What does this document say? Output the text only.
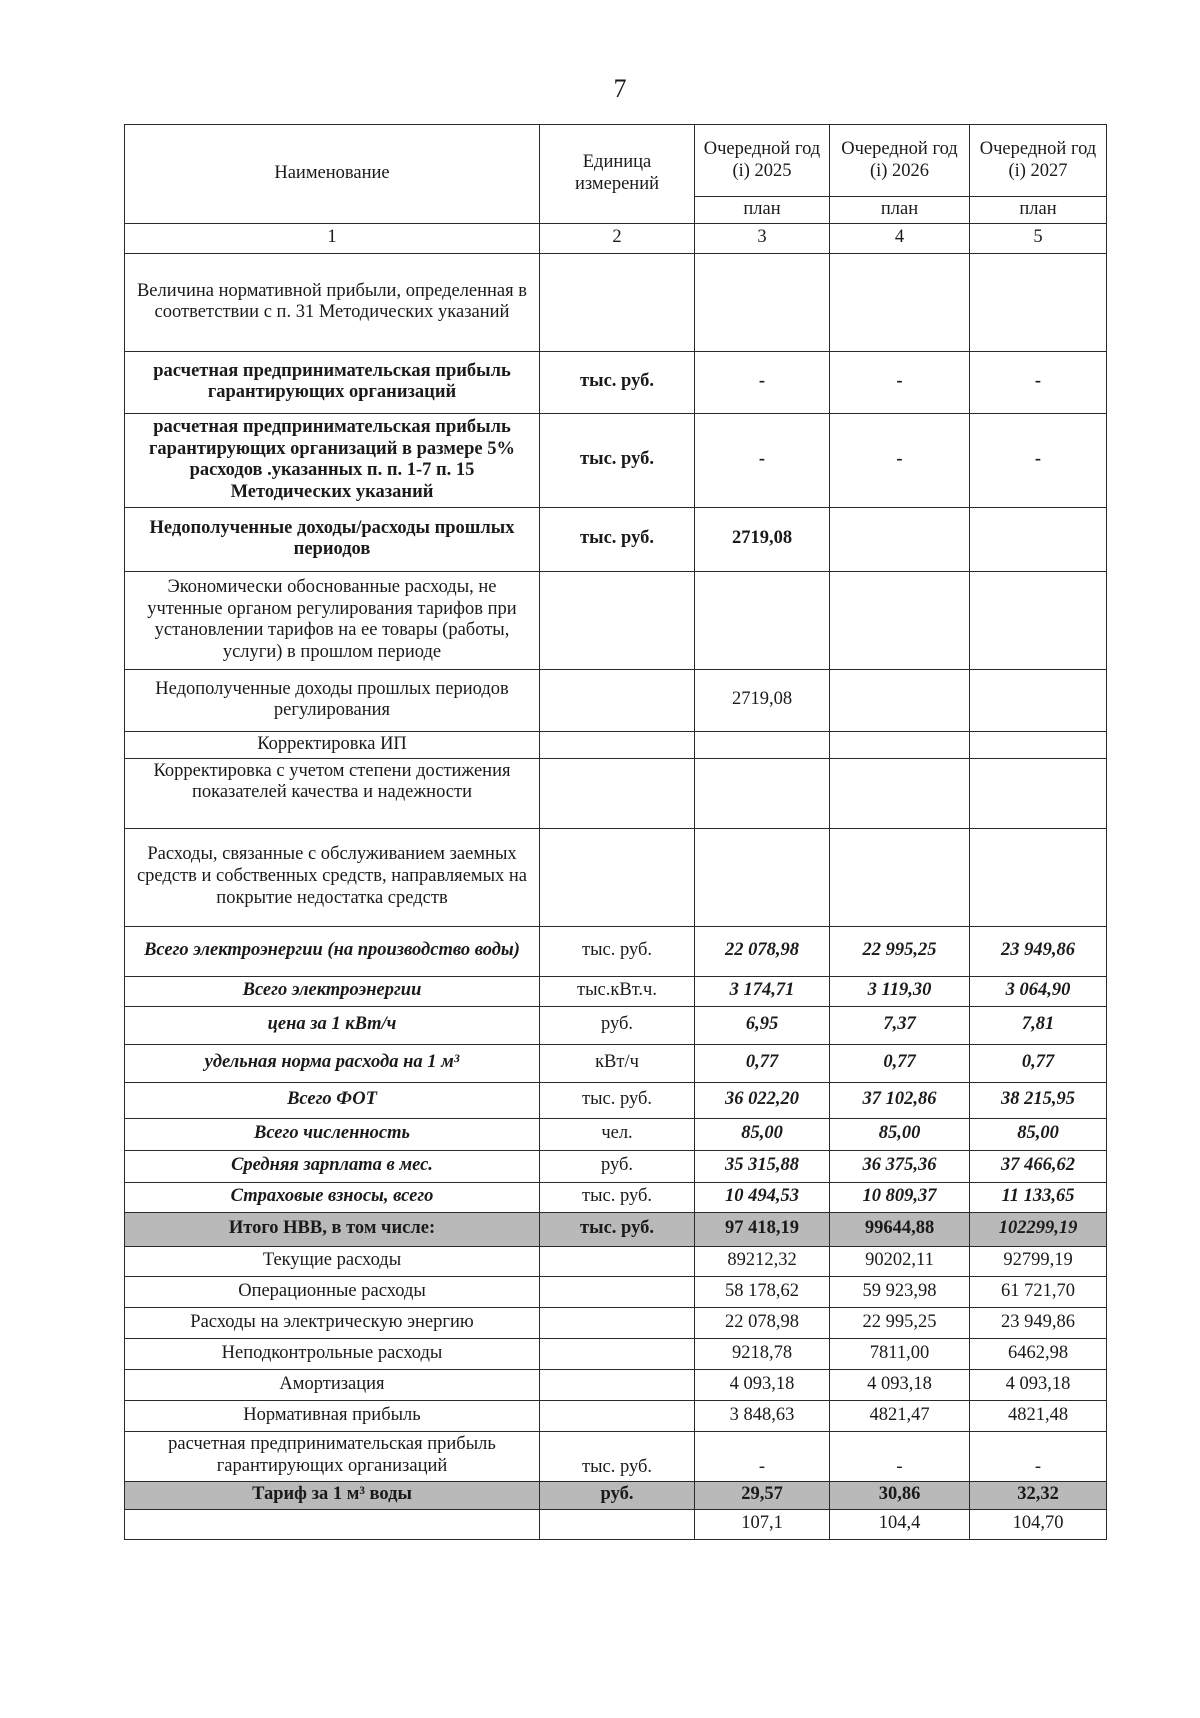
7
Наименование	Единица измерений	Очередной год (i) 2025	Очередной год (i) 2026	Очередной год (i) 2027
		план	план	план
1	2	3	4	5
Величина нормативной прибыли, определенная в соответствии с п. 31 Методических указаний				
расчетная предпринимательская прибыль гарантирующих организаций	тыс. руб.	-	-	-
расчетная предпринимательская прибыль гарантирующих организаций в размере 5% расходов .указанных п. п. 1-7 п. 15 Методических указаний	тыс. руб.	-	-	-
Недополученные доходы/расходы прошлых периодов	тыс. руб.	2719,08		
Экономически обоснованные расходы, не учтенные органом регулирования тарифов при установлении тарифов на ее товары (работы, услуги) в прошлом периоде				
Недополученные доходы прошлых периодов регулирования		2719,08		
Корректировка ИП				
Корректировка с учетом степени достижения показателей качества и надежности				
Расходы, связанные с обслуживанием заемных средств и собственных средств, направляемых на покрытие недостатка средств				
Всего электроэнергии (на производство воды)	тыс. руб.	22 078,98	22 995,25	23 949,86
Всего электроэнергии	тыс.кВт.ч.	3 174,71	3 119,30	3 064,90
цена за 1 кВт/ч	руб.	6,95	7,37	7,81
удельная норма расхода на 1 м³	кВт/ч	0,77	0,77	0,77
Всего ФОТ	тыс. руб.	36 022,20	37 102,86	38 215,95
Всего численность	чел.	85,00	85,00	85,00
Средняя зарплата в мес.	руб.	35 315,88	36 375,36	37 466,62
Страховые взносы, всего	тыс. руб.	10 494,53	10 809,37	11 133,65
Итого НВВ, в том числе:	тыс. руб.	97 418,19	99644,88	102299,19
Текущие расходы		89212,32	90202,11	92799,19
Операционные расходы		58 178,62	59 923,98	61 721,70
Расходы на электрическую энергию		22 078,98	22 995,25	23 949,86
Неподконтрольные расходы		9218,78	7811,00	6462,98
Амортизация		4 093,18	4 093,18	4 093,18
Нормативная прибыль		3 848,63	4821,47	4821,48
расчетная предпринимательская прибыль гарантирующих организаций	тыс. руб.	-	-	-
Тариф за 1 м³ воды	руб.	29,57	30,86	32,32
		107,1	104,4	104,70
